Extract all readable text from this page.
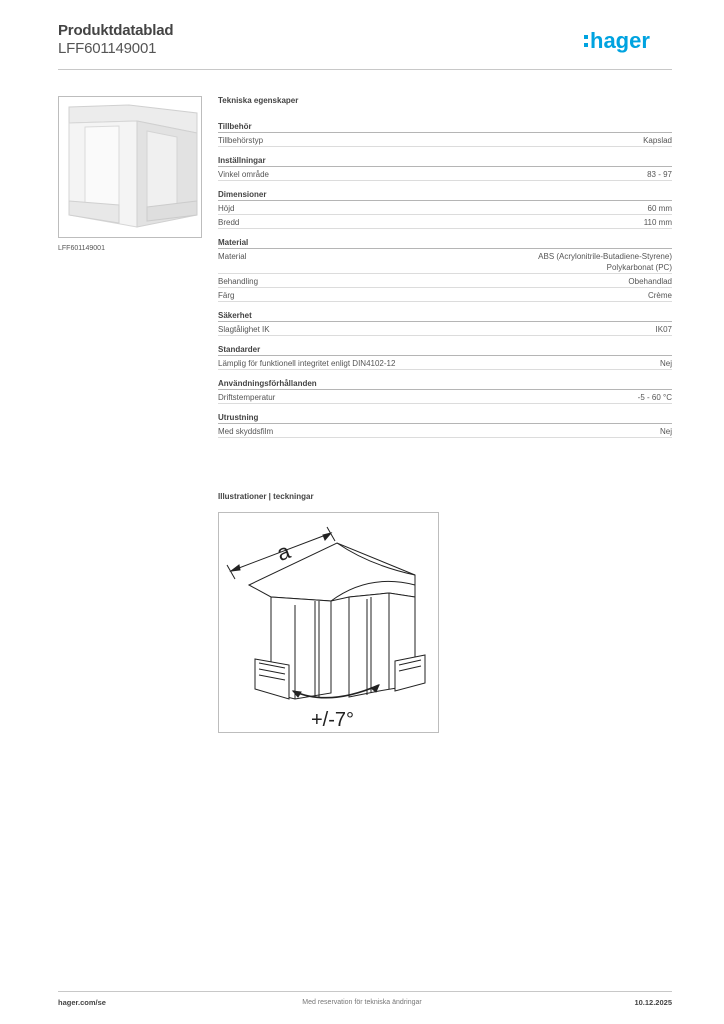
Produktdatablad
LFF601149001	hager
LFF601149001
Tekniska egenskaper
Tillbehör
Tillbehörstyp	Kapslad
Inställningar
Vinkel område	83 - 97
Dimensioner
Höjd	60 mm
Bredd	110 mm
Material
Material	ABS (Acrylonitrile-Butadiene-Styrene)
Polykarbonat (PC)
Behandling	Obehandlad
Färg	Crème
Säkerhet
Slagtålighet IK	IK07
Standarder
Lämplig för funktionell integritet enligt DIN4102-12	Nej
Användningsförhållanden
Driftstemperatur	-5 - 60 °C
Utrustning
Med skyddsfilm	Nej
Illustrationer | teckningar
a
+/-7°
hager.com/se	Med reservation för tekniska ändringar	10.12.2025
